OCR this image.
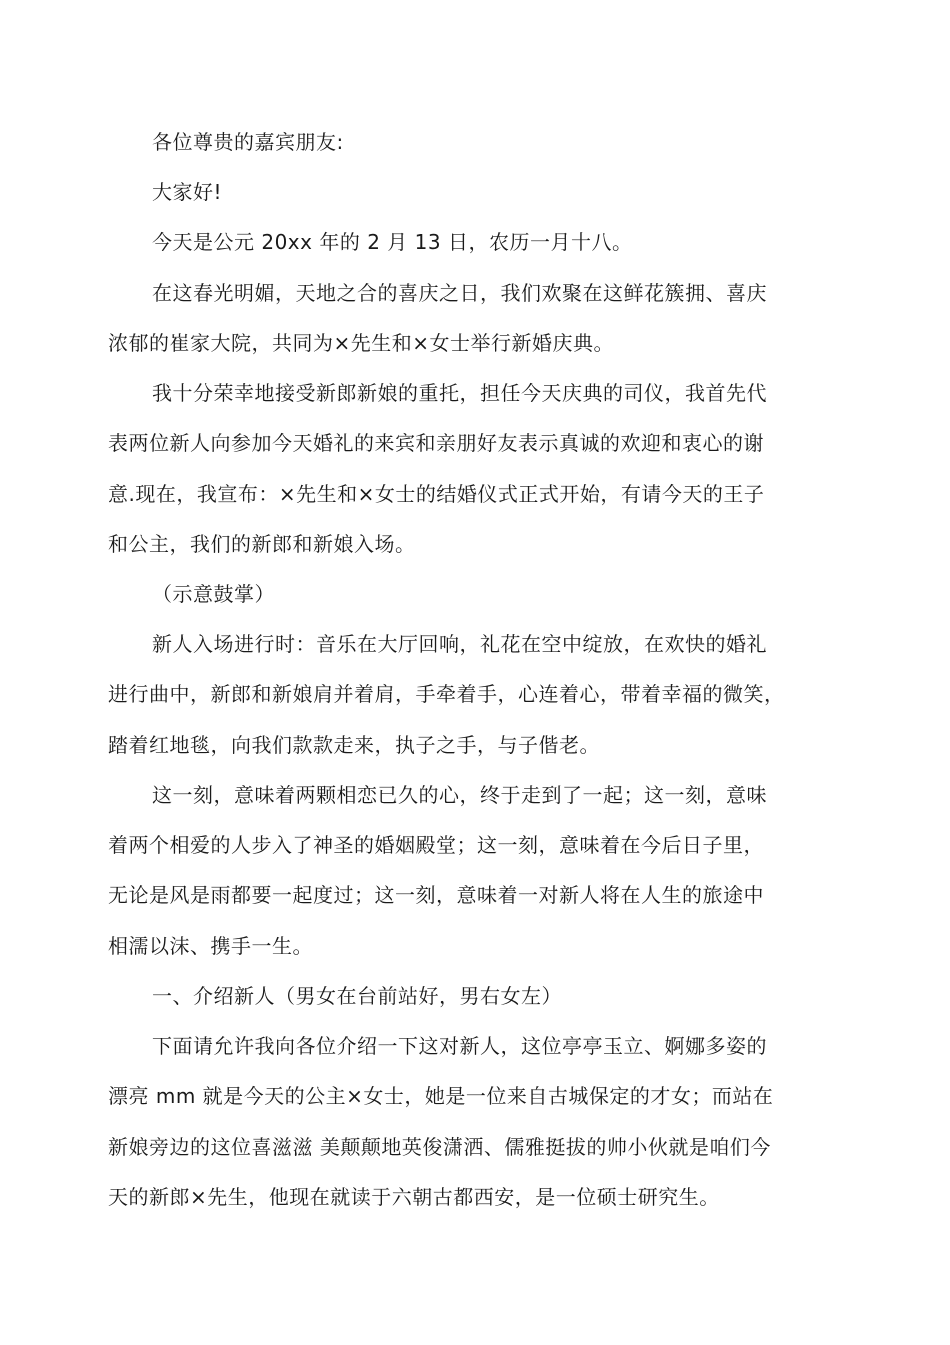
各位尊贵的嘉宾朋友:
大家好!
今天是公元 20xx 年的 2 月 13 日，农历一月十八。
在这春光明媚，天地之合的喜庆之日，我们欢聚在这鲜花簇拥、喜庆
浓郁的崔家大院，共同为×先生和×女士举行新婚庆典。
我十分荣幸地接受新郎新娘的重托，担任今天庆典的司仪，我首先代
表两位新人向参加今天婚礼的来宾和亲朋好友表示真诚的欢迎和衷心的谢
意.现在，我宣布：×先生和×女士的结婚仪式正式开始，有请今天的王子
和公主，我们的新郎和新娘入场。
（示意鼓掌）
新人入场进行时：音乐在大厅回响，礼花在空中绽放，在欢快的婚礼
进行曲中，新郎和新娘肩并着肩，手牵着手，心连着心，带着幸福的微笑，
踏着红地毯，向我们款款走来，执子之手，与子偕老。
这一刻，意味着两颗相恋已久的心，终于走到了一起；这一刻，意味
着两个相爱的人步入了神圣的婚姻殿堂；这一刻，意味着在今后日子里，
无论是风是雨都要一起度过；这一刻，意味着一对新人将在人生的旅途中
相濡以沫、携手一生。
一、介绍新人（男女在台前站好，男右女左）
下面请允许我向各位介绍一下这对新人，这位亭亭玉立、婀娜多姿的
漂亮 mm 就是今天的公主×女士，她是一位来自古城保定的才女；而站在
新娘旁边的这位喜滋滋 美颠颠地英俊潇洒、儒雅挺拔的帅小伙就是咱们今
天的新郎×先生，他现在就读于六朝古都西安，是一位硕士研究生。
